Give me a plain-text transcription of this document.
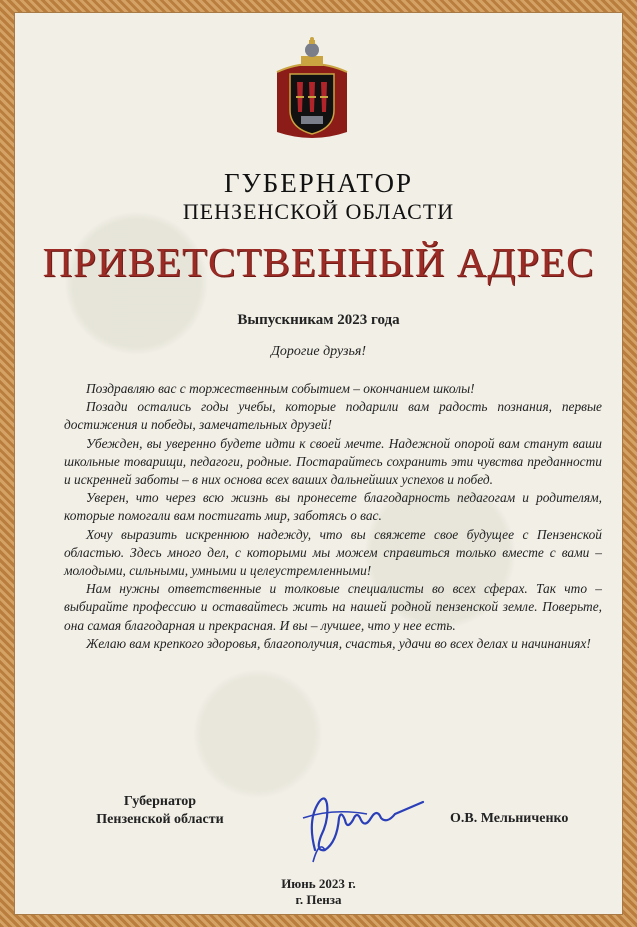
ГУБЕРНАТОР
ПЕНЗЕНСКОЙ ОБЛАСТИ
ПРИВЕТСТВЕННЫЙ АДРЕС
Выпускникам 2023 года
Дорогие друзья!

Поздравляю вас с торжественным событием – окончанием школы!

Позади остались годы учебы, которые подарили вам радость познания, первые достижения и победы, замечательных друзей!

Убежден, вы уверенно будете идти к своей мечте. Надежной опорой вам станут ваши школьные товарищи, педагоги, родные. Постарайтесь сохранить эти чувства преданности и искренней заботы – в них основа всех ваших дальнейших успехов и побед.

Уверен, что через всю жизнь вы пронесете благодарность педагогам и родителям, которые помогали вам постигать мир, заботясь о вас.

Хочу выразить искреннюю надежду, что вы свяжете свое будущее с Пензенской областью. Здесь много дел, с которыми мы можем справиться только вместе с вами – молодыми, сильными, умными и целеустремленными!

Нам нужны ответственные и толковые специалисты во всех сферах. Так что – выбирайте профессию и оставайтесь жить на нашей родной пензенской земле. Поверьте, она самая благодарная и прекрасная. И вы – лучшее, что у нее есть.

Желаю вам крепкого здоровья, благополучия, счастья, удачи во всех делах и начинаниях!

Губернатор
Пензенской области	О.В. Мельниченко
Июнь 2023 г.
г. Пенза
